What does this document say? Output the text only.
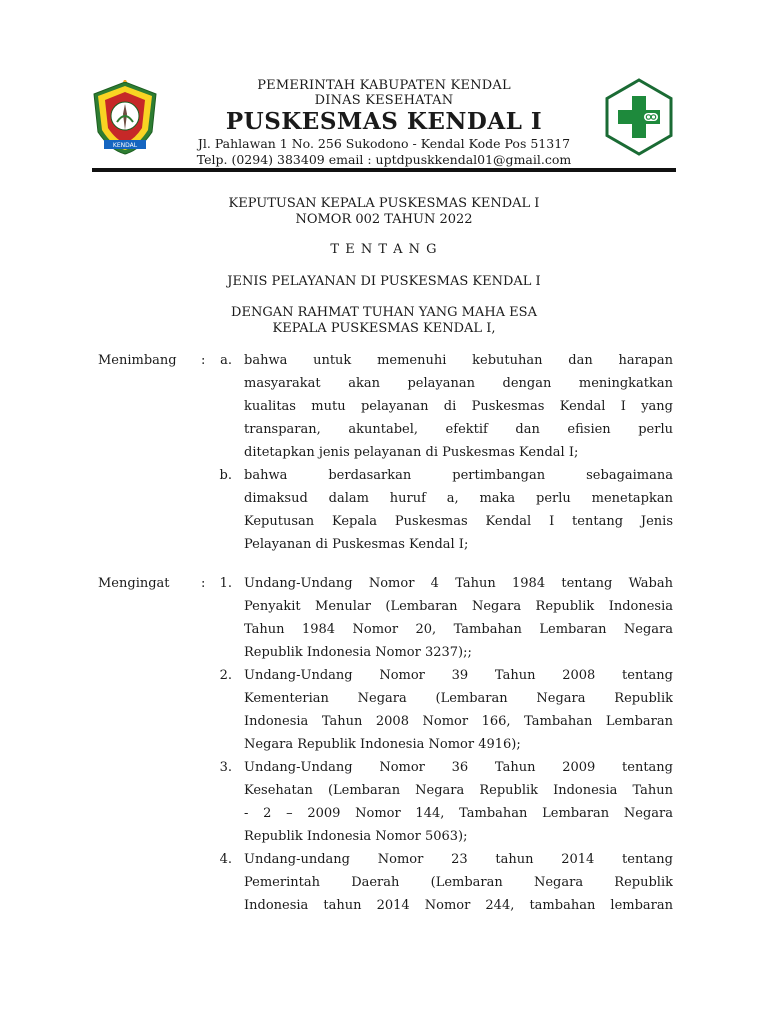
KENDAL
PEMERINTAH KABUPATEN KENDAL
DINAS KESEHATAN
PUSKESMAS KENDAL I
Jl. Pahlawan 1 No. 256 Sukodono - Kendal Kode Pos 51317
Telp. (0294) 383409 email : uptdpuskkendal01@gmail.com
KEPUTUSAN KEPALA PUSKESMAS KENDAL I
NOMOR 002 TAHUN 2022
T E N T A N G
JENIS PELAYANAN DI PUSKESMAS KENDAL I
DENGAN RAHMAT TUHAN YANG MAHA ESA
KEPALA PUSKESMAS KENDAL I,
Menimbang :	a. bahwa untuk memenuhi kebutuhan dan harapan
masyarakat akan pelayanan dengan meningkatkan
kualitas mutu pelayanan di Puskesmas Kendal I yang
transparan, akuntabel, efektif dan efisien perlu
ditetapkan jenis pelayanan di Puskesmas Kendal I;
b. bahwa berdasarkan pertimbangan sebagaimana
dimaksud dalam huruf a, maka perlu menetapkan
Keputusan Kepala Puskesmas Kendal I tentang Jenis
Pelayanan di Puskesmas Kendal I;
Mengingat :	1. Undang-Undang Nomor 4 Tahun 1984 tentang Wabah
Penyakit Menular (Lembaran Negara Republik Indonesia
Tahun 1984 Nomor 20, Tambahan Lembaran Negara
Republik Indonesia Nomor 3237);;
2. Undang-Undang Nomor 39 Tahun 2008 tentang
Kementerian Negara (Lembaran Negara Republik
Indonesia Tahun 2008 Nomor 166, Tambahan Lembaran
Negara Republik Indonesia Nomor 4916);
3. Undang-Undang Nomor 36 Tahun 2009 tentang
Kesehatan (Lembaran Negara Republik Indonesia Tahun
- 2 – 2009 Nomor 144, Tambahan Lembaran Negara
Republik Indonesia Nomor 5063);
4. Undang-undang Nomor 23 tahun 2014 tentang
Pemerintah Daerah (Lembaran Negara Republik
Indonesia tahun 2014 Nomor 244, tambahan lembaran
